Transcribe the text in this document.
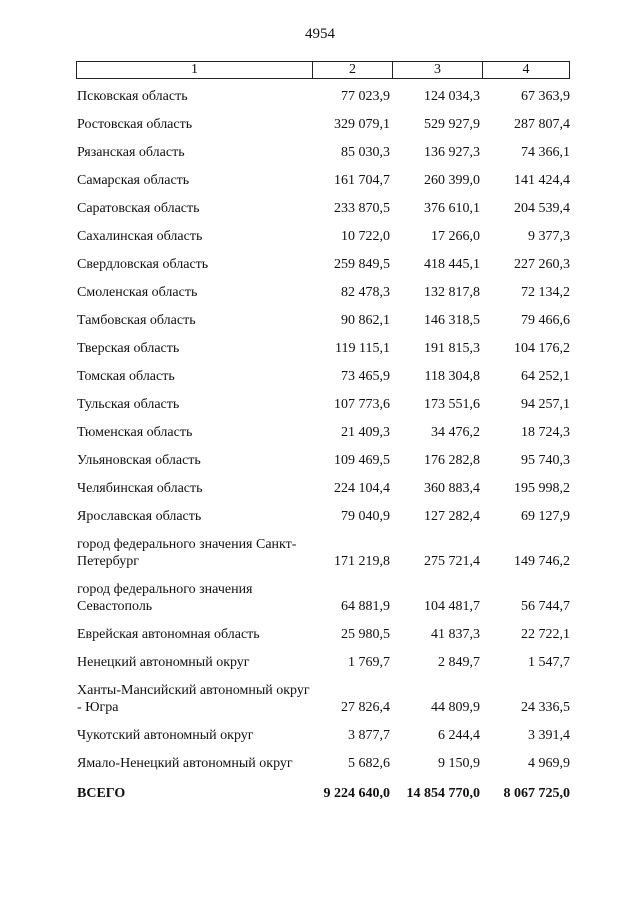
4954
1	2	3	4
Псковская область	77 023,9	124 034,3	67 363,9
Ростовская область	329 079,1	529 927,9	287 807,4
Рязанская область	85 030,3	136 927,3	74 366,1
Самарская область	161 704,7	260 399,0	141 424,4
Саратовская область	233 870,5	376 610,1	204 539,4
Сахалинская область	10 722,0	17 266,0	9 377,3
Свердловская область	259 849,5	418 445,1	227 260,3
Смоленская область	82 478,3	132 817,8	72 134,2
Тамбовская область	90 862,1	146 318,5	79 466,6
Тверская область	119 115,1	191 815,3	104 176,2
Томская область	73 465,9	118 304,8	64 252,1
Тульская область	107 773,6	173 551,6	94 257,1
Тюменская область	21 409,3	34 476,2	18 724,3
Ульяновская область	109 469,5	176 282,8	95 740,3
Челябинская область	224 104,4	360 883,4	195 998,2
Ярославская область	79 040,9	127 282,4	69 127,9
город федерального значения Санкт-Петербург	171 219,8	275 721,4	149 746,2
город федерального значения Севастополь	64 881,9	104 481,7	56 744,7
Еврейская автономная область	25 980,5	41 837,3	22 722,1
Ненецкий автономный округ	1 769,7	2 849,7	1 547,7
Ханты-Мансийский автономный округ - Югра	27 826,4	44 809,9	24 336,5
Чукотский автономный округ	3 877,7	6 244,4	3 391,4
Ямало-Ненецкий автономный округ	5 682,6	9 150,9	4 969,9
ВСЕГО	9 224 640,0	14 854 770,0	8 067 725,0
